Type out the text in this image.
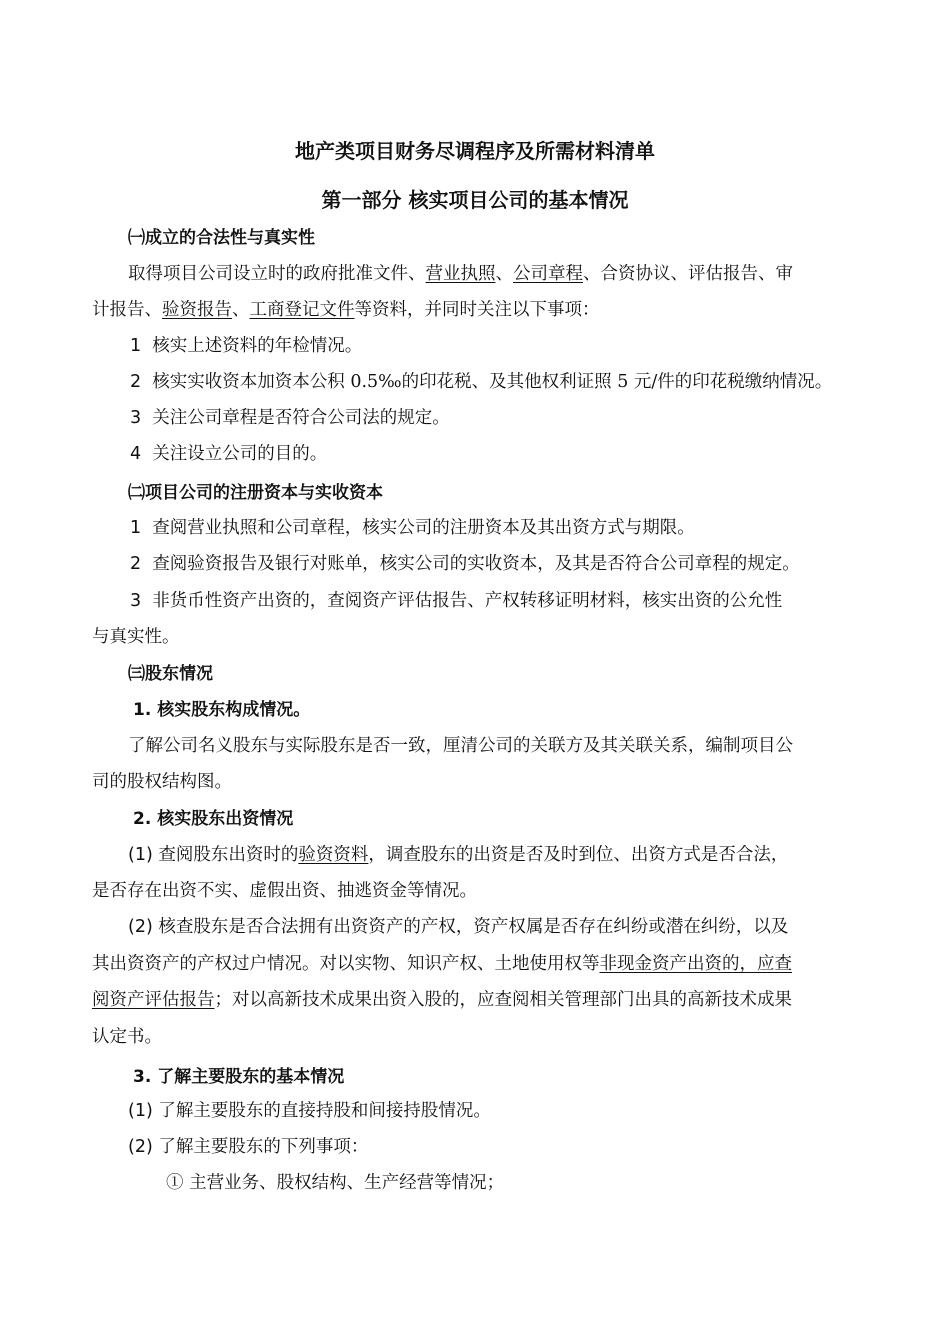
地产类项目财务尽调程序及所需材料清单
第一部分 核实项目公司的基本情况
㈠成立的合法性与真实性
取得项目公司设立时的政府批准文件、营业执照、公司章程、合资协议、评估报告、审
计报告、验资报告、工商登记文件等资料，并同时关注以下事项：
1 核实上述资料的年检情况。
2 核实实收资本加资本公积 0.5‰的印花税、及其他权利证照 5 元/件的印花税缴纳情况。
3 关注公司章程是否符合公司法的规定。
4 关注设立公司的目的。
㈡项目公司的注册资本与实收资本
1 查阅营业执照和公司章程，核实公司的注册资本及其出资方式与期限。
2 查阅验资报告及银行对账单，核实公司的实收资本，及其是否符合公司章程的规定。
3 非货币性资产出资的，查阅资产评估报告、产权转移证明材料，核实出资的公允性
与真实性。
㈢股东情况
1. 核实股东构成情况。
了解公司名义股东与实际股东是否一致，厘清公司的关联方及其关联关系，编制项目公
司的股权结构图。
2. 核实股东出资情况
(1) 查阅股东出资时的验资资料，调查股东的出资是否及时到位、出资方式是否合法，
是否存在出资不实、虚假出资、抽逃资金等情况。
(2) 核查股东是否合法拥有出资资产的产权，资产权属是否存在纠纷或潜在纠纷，以及
其出资资产的产权过户情况。对以实物、知识产权、土地使用权等非现金资产出资的，应查
阅资产评估报告；对以高新技术成果出资入股的，应查阅相关管理部门出具的高新技术成果
认定书。
3. 了解主要股东的基本情况
(1) 了解主要股东的直接持股和间接持股情况。
(2) 了解主要股东的下列事项：
① 主营业务、股权结构、生产经营等情况；
